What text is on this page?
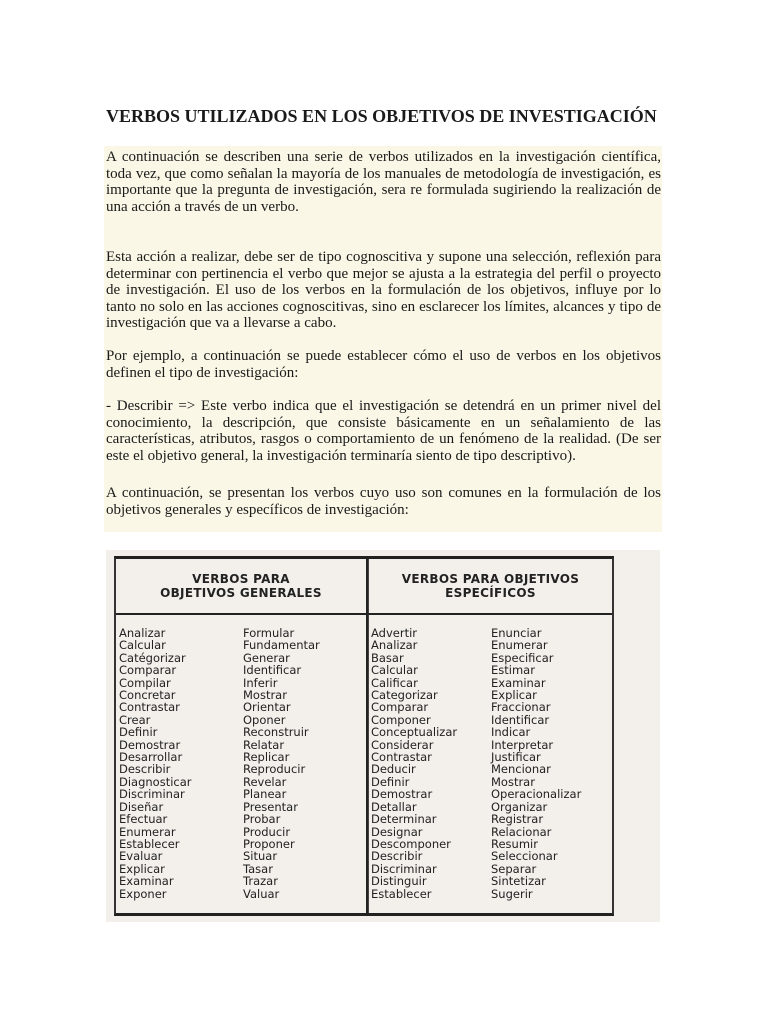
VERBOS UTILIZADOS EN LOS OBJETIVOS DE INVESTIGACIÓN

A continuación se describen una serie de verbos utilizados en la investigación científica, toda vez, que como señalan la mayoría de los manuales de metodología de investigación, es importante que la pregunta de investigación, sera re formulada sugiriendo la realización de una acción a través de un verbo.

Esta acción a realizar, debe ser de tipo cognoscitiva y supone una selección, reflexión para determinar con pertinencia el verbo que mejor se ajusta a la estrategia del perfil o proyecto de investigación. El uso de los verbos en la formulación de los objetivos, influye por lo tanto no solo en las acciones cognoscitivas, sino en esclarecer los límites, alcances y tipo de investigación que va a llevarse a cabo.

Por ejemplo, a continuación se puede establecer cómo el uso de verbos en los objetivos definen el tipo de investigación:

- Describir => Este verbo indica que el investigación se detendrá en un primer nivel del conocimiento, la descripción, que consiste básicamente en un señalamiento de las características, atributos, rasgos o comportamiento de un fenómeno de la realidad. (De ser este el objetivo general, la investigación terminaría siento de tipo descriptivo).

A continuación, se presentan los verbos cuyo uso son comunes en la formulación de los objetivos generales y específicos de investigación:

VERBOS PARA
OBJETIVOS GENERALES
VERBOS PARA OBJETIVOS
ESPECÍFICOS
Analizar
Calcular
Catégorizar
Comparar
Compilar
Concretar
Contrastar
Crear
Definir
Demostrar
Desarrollar
Describir
Diagnosticar
Discriminar
Diseñar
Efectuar
Enumerar
Establecer
Evaluar
Explicar
Examinar
Exponer
Formular
Fundamentar
Generar
Identificar
Inferir
Mostrar
Orientar
Oponer
Reconstruir
Relatar
Replicar
Reproducir
Revelar
Planear
Presentar
Probar
Producir
Proponer
Situar
Tasar
Trazar
Valuar
Advertir
Analizar
Basar
Calcular
Calificar
Categorizar
Comparar
Componer
Conceptualizar
Considerar
Contrastar
Deducir
Definir
Demostrar
Detallar
Determinar
Designar
Descomponer
Describir
Discriminar
Distinguir
Establecer
Enunciar
Enumerar
Especificar
Estimar
Examinar
Explicar
Fraccionar
Identificar
Indicar
Interpretar
Justificar
Mencionar
Mostrar
Operacionalizar
Organizar
Registrar
Relacionar
Resumir
Seleccionar
Separar
Sintetizar
Sugerir
